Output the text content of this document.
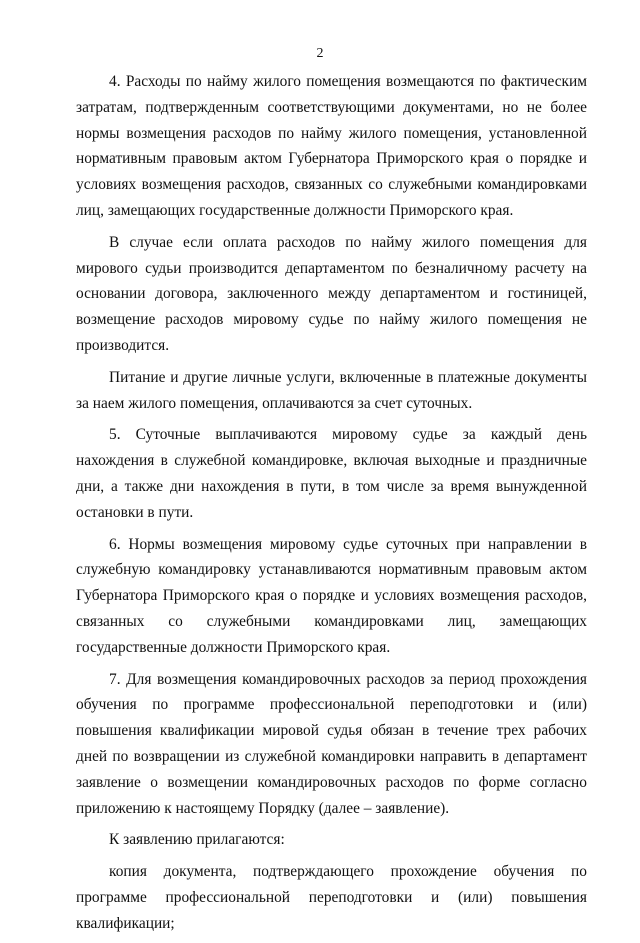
2

4. Расходы по найму жилого помещения возмещаются по фактическим затратам, подтвержденным соответствующими документами, но не более нормы возмещения расходов по найму жилого помещения, установленной нормативным правовым актом Губернатора Приморского края о порядке и условиях возмещения расходов, связанных со служебными командировками лиц, замещающих государственные должности Приморского края.

В случае если оплата расходов по найму жилого помещения для мирового судьи производится департаментом по безналичному расчету на основании договора, заключенного между департаментом и гостиницей, возмещение расходов мировому судье по найму жилого помещения не производится.

Питание и другие личные услуги, включенные в платежные документы за наем жилого помещения, оплачиваются за счет суточных.

5. Суточные выплачиваются мировому судье за каждый день нахождения в служебной командировке, включая выходные и праздничные дни, а также дни нахождения в пути, в том числе за время вынужденной остановки в пути.

6. Нормы возмещения мировому судье суточных при направлении в служебную командировку устанавливаются нормативным правовым актом Губернатора Приморского края о порядке и условиях возмещения расходов, связанных со служебными командировками лиц, замещающих государственные должности Приморского края.

7. Для возмещения командировочных расходов за период прохождения обучения по программе профессиональной переподготовки и (или) повышения квалификации мировой судья обязан в течение трех рабочих дней по возвращении из служебной командировки направить в департамент заявление о возмещении командировочных расходов по форме согласно приложению к настоящему Порядку (далее – заявление).

К заявлению прилагаются:

копия документа, подтверждающего прохождение обучения по программе профессиональной переподготовки и (или) повышения квалификации;
